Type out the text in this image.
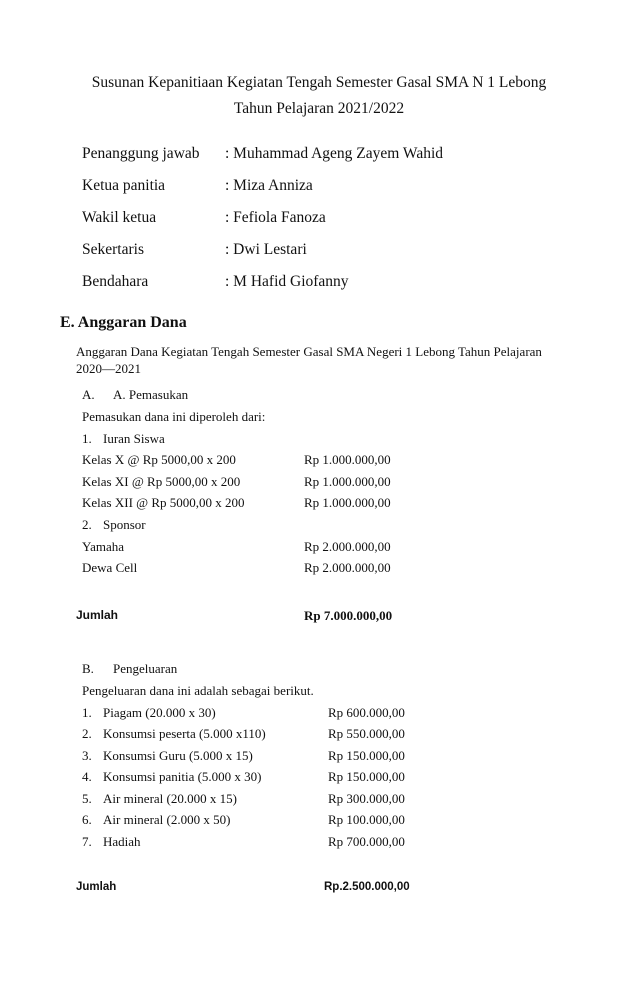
Susunan Kepanitiaan Kegiatan Tengah Semester Gasal SMA N 1 Lebong
Tahun Pelajaran 2021/2022
Penanggung jawab : Muhammad Ageng Zayem Wahid
Ketua panitia	: Miza Anniza
Wakil ketua	: Fefiola Fanoza
Sekertaris	: Dwi Lestari
Bendahara	: M Hafid Giofanny
E. Anggaran Dana
Anggaran Dana Kegiatan Tengah Semester Gasal SMA Negeri 1 Lebong Tahun Pelajaran
2020—2021
A. A. Pemasukan
Pemasukan dana ini diperoleh dari:
1. Iuran Siswa
Kelas X @ Rp 5000,00 x 200	Rp 1.000.000,00
Kelas XI @ Rp 5000,00 x 200	Rp 1.000.000,00
Kelas XII @ Rp 5000,00 x 200	Rp 1.000.000,00
2. Sponsor
Yamaha	Rp 2.000.000,00
Dewa Cell	Rp 2.000.000,00
Jumlah	Rp 7.000.000,00
B. Pengeluaran
Pengeluaran dana ini adalah sebagai berikut.
1. Piagam (20.000 x 30)	Rp 600.000,00
2. Konsumsi peserta (5.000 x110)	Rp 550.000,00
3. Konsumsi Guru (5.000 x 15)	Rp 150.000,00
4. Konsumsi panitia (5.000 x 30)	Rp 150.000,00
5. Air mineral (20.000 x 15)	Rp 300.000,00
6. Air mineral (2.000 x 50)	Rp 100.000,00
7. Hadiah	Rp 700.000,00
Jumlah	Rp.2.500.000,00
